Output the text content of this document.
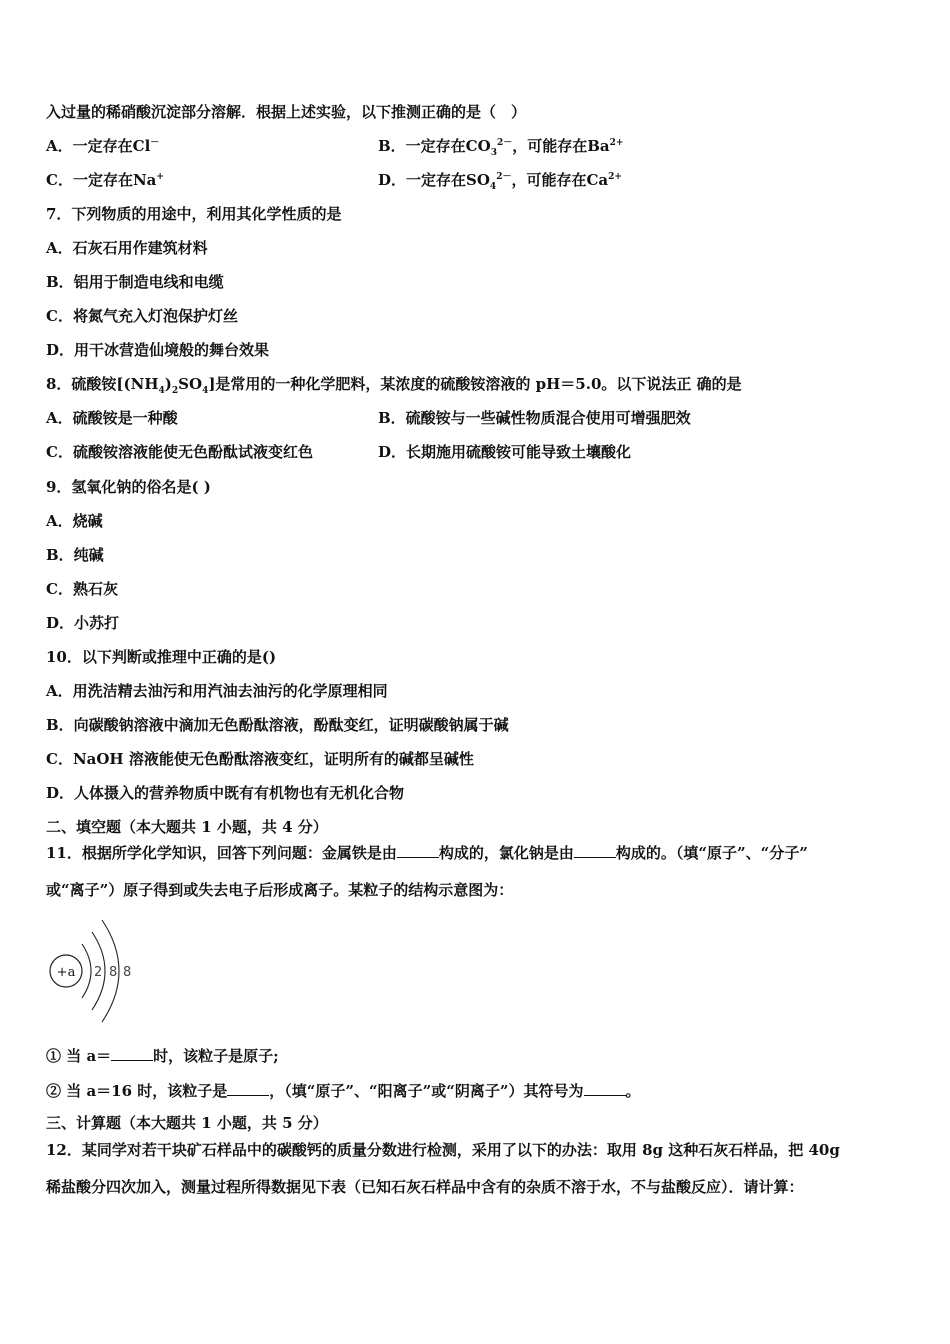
入过量的稀硝酸沉淀部分溶解．根据上述实验，以下推测正确的是（　）
A．一定存在Cl－	B．一定存在$CO_3^{2-}$，可能存在$Ba^{2+}$
C．一定存在Na+	D．一定存在$SO_4^{2-}$，可能存在$Ca^{2+}$
7．下列物质的用途中，利用其化学性质的是
A．石灰石用作建筑材料
B．铝用于制造电线和电缆
C．将氮气充入灯泡保护灯丝
D．用干冰营造仙境般的舞台效果
8．硫酸铵$[(NH_4)_2SO_4]$是常用的一种化学肥料，某浓度的硫酸铵溶液的 pH＝5.0。以下说法正 确的是
A．硫酸铵是一种酸	B．硫酸铵与一些碱性物质混合使用可增强肥效
C．硫酸铵溶液能使无色酚酞试液变红色	D．长期施用硫酸铵可能导致土壤酸化
9．氢氧化钠的俗名是( )
A．烧碱
B．纯碱
C．熟石灰
D．小苏打
10．以下判断或推理中正确的是()
A．用洗洁精去油污和用汽油去油污的化学原理相同
B．向碳酸钠溶液中滴加无色酚酞溶液，酚酞变红，证明碳酸钠属于碱
C．NaOH 溶液能使无色酚酞溶液变红，证明所有的碱都呈碱性
D．人体摄入的营养物质中既有有机物也有无机化合物
二、填空题（本大题共 1 小题，共 4 分）
11．根据所学化学知识，回答下列问题：金属铁是由	构成的，氯化钠是由	构成的。（填“原子”、“分子”
或“离子”）原子得到或失去电子后形成离子。某粒子的结构示意图为：
+a 2 8 8
① 当 a＝	时，该粒子是原子;
② 当 a＝16 时，该粒子是	，（填“原子”、“阳离子”或“阴离子”）其符号为	。
三、计算题（本大题共 1 小题，共 5 分）
12．某同学对若干块矿石样品中的碳酸钙的质量分数进行检测，采用了以下的办法：取用 8g 这种石灰石样品，把 40g
稀盐酸分四次加入，测量过程所得数据见下表（已知石灰石样品中含有的杂质不溶于水，不与盐酸反应）．请计算：
